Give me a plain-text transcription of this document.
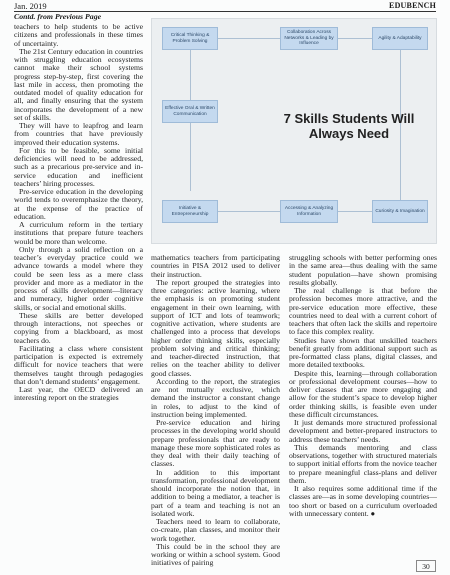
Jan. 2019	EDUBENCH
Contd. from Previous Page

teachers to help students to be active citizens and professionals in these times of uncertainty.

The 21st Century education in countries with struggling education ecosystems cannot make their school systems progress step-by-step, first covering the last mile in access, then promoting the outdated model of quality education for all, and finally ensuring that the system incorporates the development of a new set of skills.

They will have to leapfrog and learn from countries that have previously improved their education systems.

For this to be feasible, some initial deficiencies will need to be addressed, such as a precarious pre-service and in-service education and inefficient teachers’ hiring processes.

Pre-service education in the developing world tends to overemphasize the theory, at the expense of the practice of education.

A curriculum reform in the tertiary institutions that prepare future teachers would be more than welcome.

Only through a solid reflection on a teacher’s everyday practice could we advance towards a model where they could be seen less as a mere class provider and more as a mediator in the process of skills development—literacy and numeracy, higher order cognitive skills, or social and emotional skills.

These skills are better developed through interactions, not speeches or copying from a blackboard, as most teachers do.

Facilitating a class where consistent participation is expected is extremely difficult for novice teachers that were themselves taught through pedagogies that don’t demand students’ engagement.

Last year, the OECD delivered an interesting report on the strategies

Critical Thinking & Problem Solving
Collaboration Across Networks & Leading by Influence
Agility & Adaptability
Effective Oral & Written Communication	7 Skills Students Will Always Need
Initiative & Entrepreneurship
Accessing & Analyzing Information
Curiosity & Imagination

mathematics teachers from participating countries in PISA 2012 used to deliver their instruction.

The report grouped the strategies into three categories: active learning, where the emphasis is on promoting student engagement in their own learning, with support of ICT and lots of teamwork; cognitive activation, where students are challenged into a process that develops higher order thinking skills, especially problem solving and critical thinking; and teacher-directed instruction, that relies on the teacher ability to deliver good classes.

According to the report, the strategies are not mutually exclusive, which demand the instructor a constant change in roles, to adjust to the kind of instruction being implemented.

Pre-service education and hiring processes in the developing world should prepare professionals that are ready to manage these more sophisticated roles as they deal with their daily teaching of classes.

In addition to this important transformation, professional development should incorporate the notion that, in addition to being a mediator, a teacher is part of a team and teaching is not an isolated work.

Teachers need to learn to collaborate, co-create, plan classes, and monitor their work together.

This could be in the school they are working or within a school system. Good initiatives of pairing

struggling schools with better performing ones in the same area—thus dealing with the same student population—have shown promising results globally.

The real challenge is that before the profession becomes more attractive, and the pre-service education more effective, these countries need to deal with a current cohort of teachers that often lack the skills and repertoire to face this complex reality.

Studies have shown that unskilled teachers benefit greatly from additional support such as pre-formatted class plans, digital classes, and more detailed textbooks.

Despite this, learning—through collaboration or professional development courses—how to deliver classes that are more engaging and allow for the student’s space to develop higher order thinking skills, is feasible even under these difficult circumstances.

It just demands more structured professional development and better-prepared instructors to address these teachers’ needs.

This demands mentoring and class observations, together with structured materials to support initial efforts from the novice teacher to prepare meaningful class-plans and deliver them.

It also requires some additional time if the classes are—as in some developing countries—too short or based on a curriculum overloaded with unnecessary content. ●

30
